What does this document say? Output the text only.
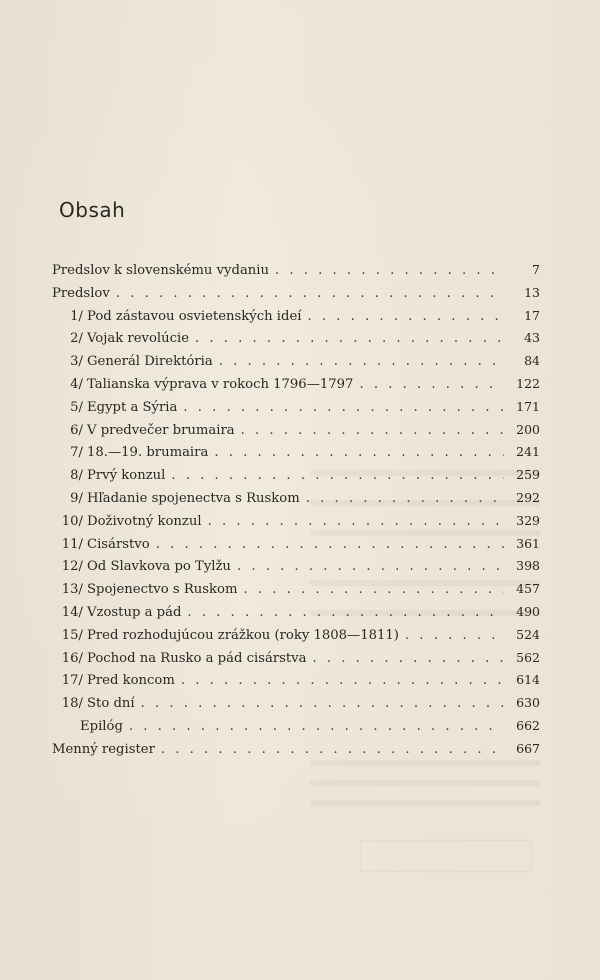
Obsah
Predslov k slovenskému vydaniu . . .	7
Predslov . . .	13
1/ Pod zástavou osvietenských ideí . . .	17
2/ Vojak revolúcie . . .	43
3/ Generál Direktória . . .	84
4/ Talianska výprava v rokoch 1796—1797 . . .	122
5/ Egypt a Sýria . . .	171
6/ V predvečer brumaira . . .	200
7/ 18.—19. brumaira . . .	241
8/ Prvý konzul . . .	259
9/ Hľadanie spojenectva s Ruskom . . .	292
10/ Doživotný konzul . . .	329
11/ Cisárstvo . . .	361
12/ Od Slavkova po Tylžu . . .	398
13/ Spojenectvo s Ruskom . . .	457
14/ Vzostup a pád . . .	490
15/ Pred rozhodujúcou zrážkou (roky 1808—1811) . . .	524
16/ Pochod na Rusko a pád cisárstva . . .	562
17/ Pred koncom . . .	614
18/ Sto dní . . .	630
Epilóg . . .	662
Menný register . . .	667
